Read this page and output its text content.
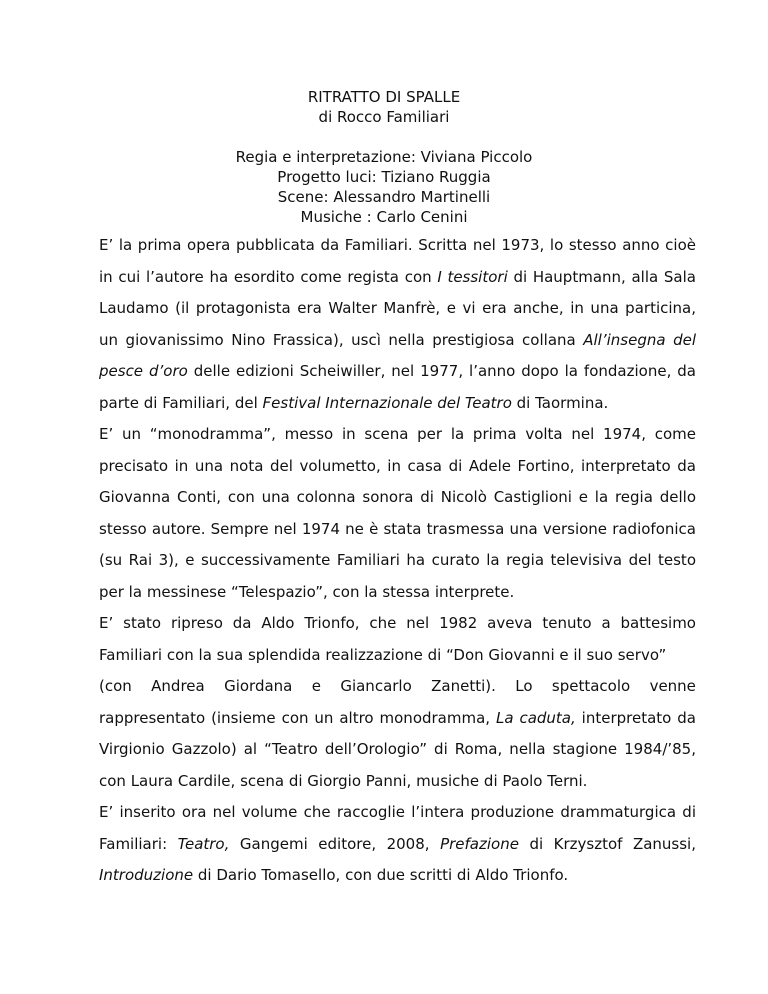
RITRATTO DI SPALLE
di Rocco Familiari
Regia e interpretazione: Viviana Piccolo
Progetto luci: Tiziano Ruggia
Scene: Alessandro Martinelli
Musiche : Carlo Cenini

E’ la prima opera pubblicata da Familiari. Scritta nel 1973, lo stesso anno cioè in cui l’autore ha esordito come regista con I tessitori di Hauptmann, alla Sala Laudamo (il protagonista era Walter Manfrè, e vi era anche, in una particina, un giovanissimo Nino Frassica), uscì nella prestigiosa collana All’insegna del pesce d’oro delle edizioni Scheiwiller, nel 1977, l’anno dopo la fondazione, da parte di Familiari, del Festival Internazionale del Teatro di Taormina.

E’ un “monodramma”, messo in scena per la prima volta nel 1974, come precisato in una nota del volumetto, in casa di Adele Fortino, interpretato da Giovanna Conti, con una colonna sonora di Nicolò Castiglioni e la regia dello stesso autore. Sempre nel 1974 ne è stata trasmessa una versione radiofonica (su Rai 3), e successivamente Familiari ha curato la regia televisiva del testo per la messinese “Telespazio”, con la stessa interprete.

E’ stato ripreso da Aldo Trionfo, che nel 1982 aveva tenuto a battesimo Familiari con la sua splendida realizzazione di “Don Giovanni e il suo servo”

(con Andrea Giordana e Giancarlo Zanetti). Lo spettacolo venne

rappresentato (insieme con un altro monodramma, La caduta, interpretato da Virgionio Gazzolo) al “Teatro dell’Orologio” di Roma, nella stagione 1984/’85, con Laura Cardile, scena di Giorgio Panni, musiche di Paolo Terni.

E’ inserito ora nel volume che raccoglie l’intera produzione drammaturgica di Familiari: Teatro, Gangemi editore, 2008, Prefazione di Krzysztof Zanussi, Introduzione di Dario Tomasello, con due scritti di Aldo Trionfo.
